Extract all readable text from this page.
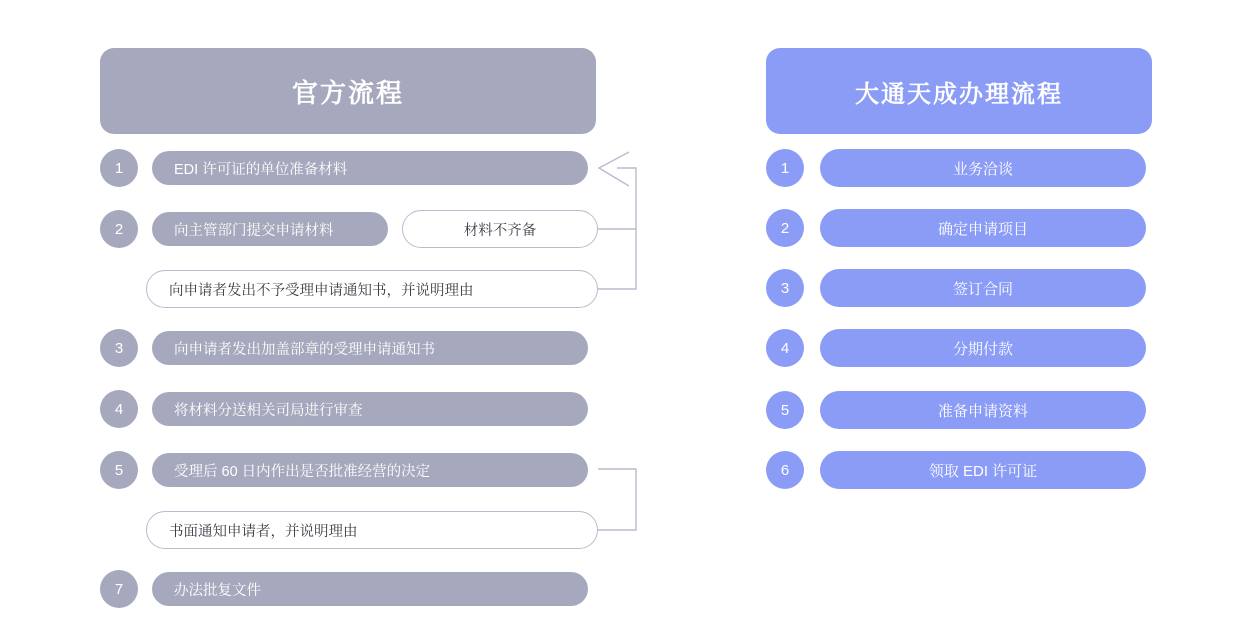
官方流程
1	EDI 许可证的单位准备材料
2	向主管部门提交申请材料	材料不齐备
向申请者发出不予受理申请通知书，并说明理由
3	向申请者发出加盖部章的受理申请通知书
4	将材料分送相关司局进行审查
5	受理后 60 日内作出是否批准经营的决定
书面通知申请者，并说明理由
7	办法批复文件
大通天成办理流程
1	业务洽谈
2	确定申请项目
3	签订合同
4	分期付款
5	准备申请资料
6	领取 EDI 许可证
